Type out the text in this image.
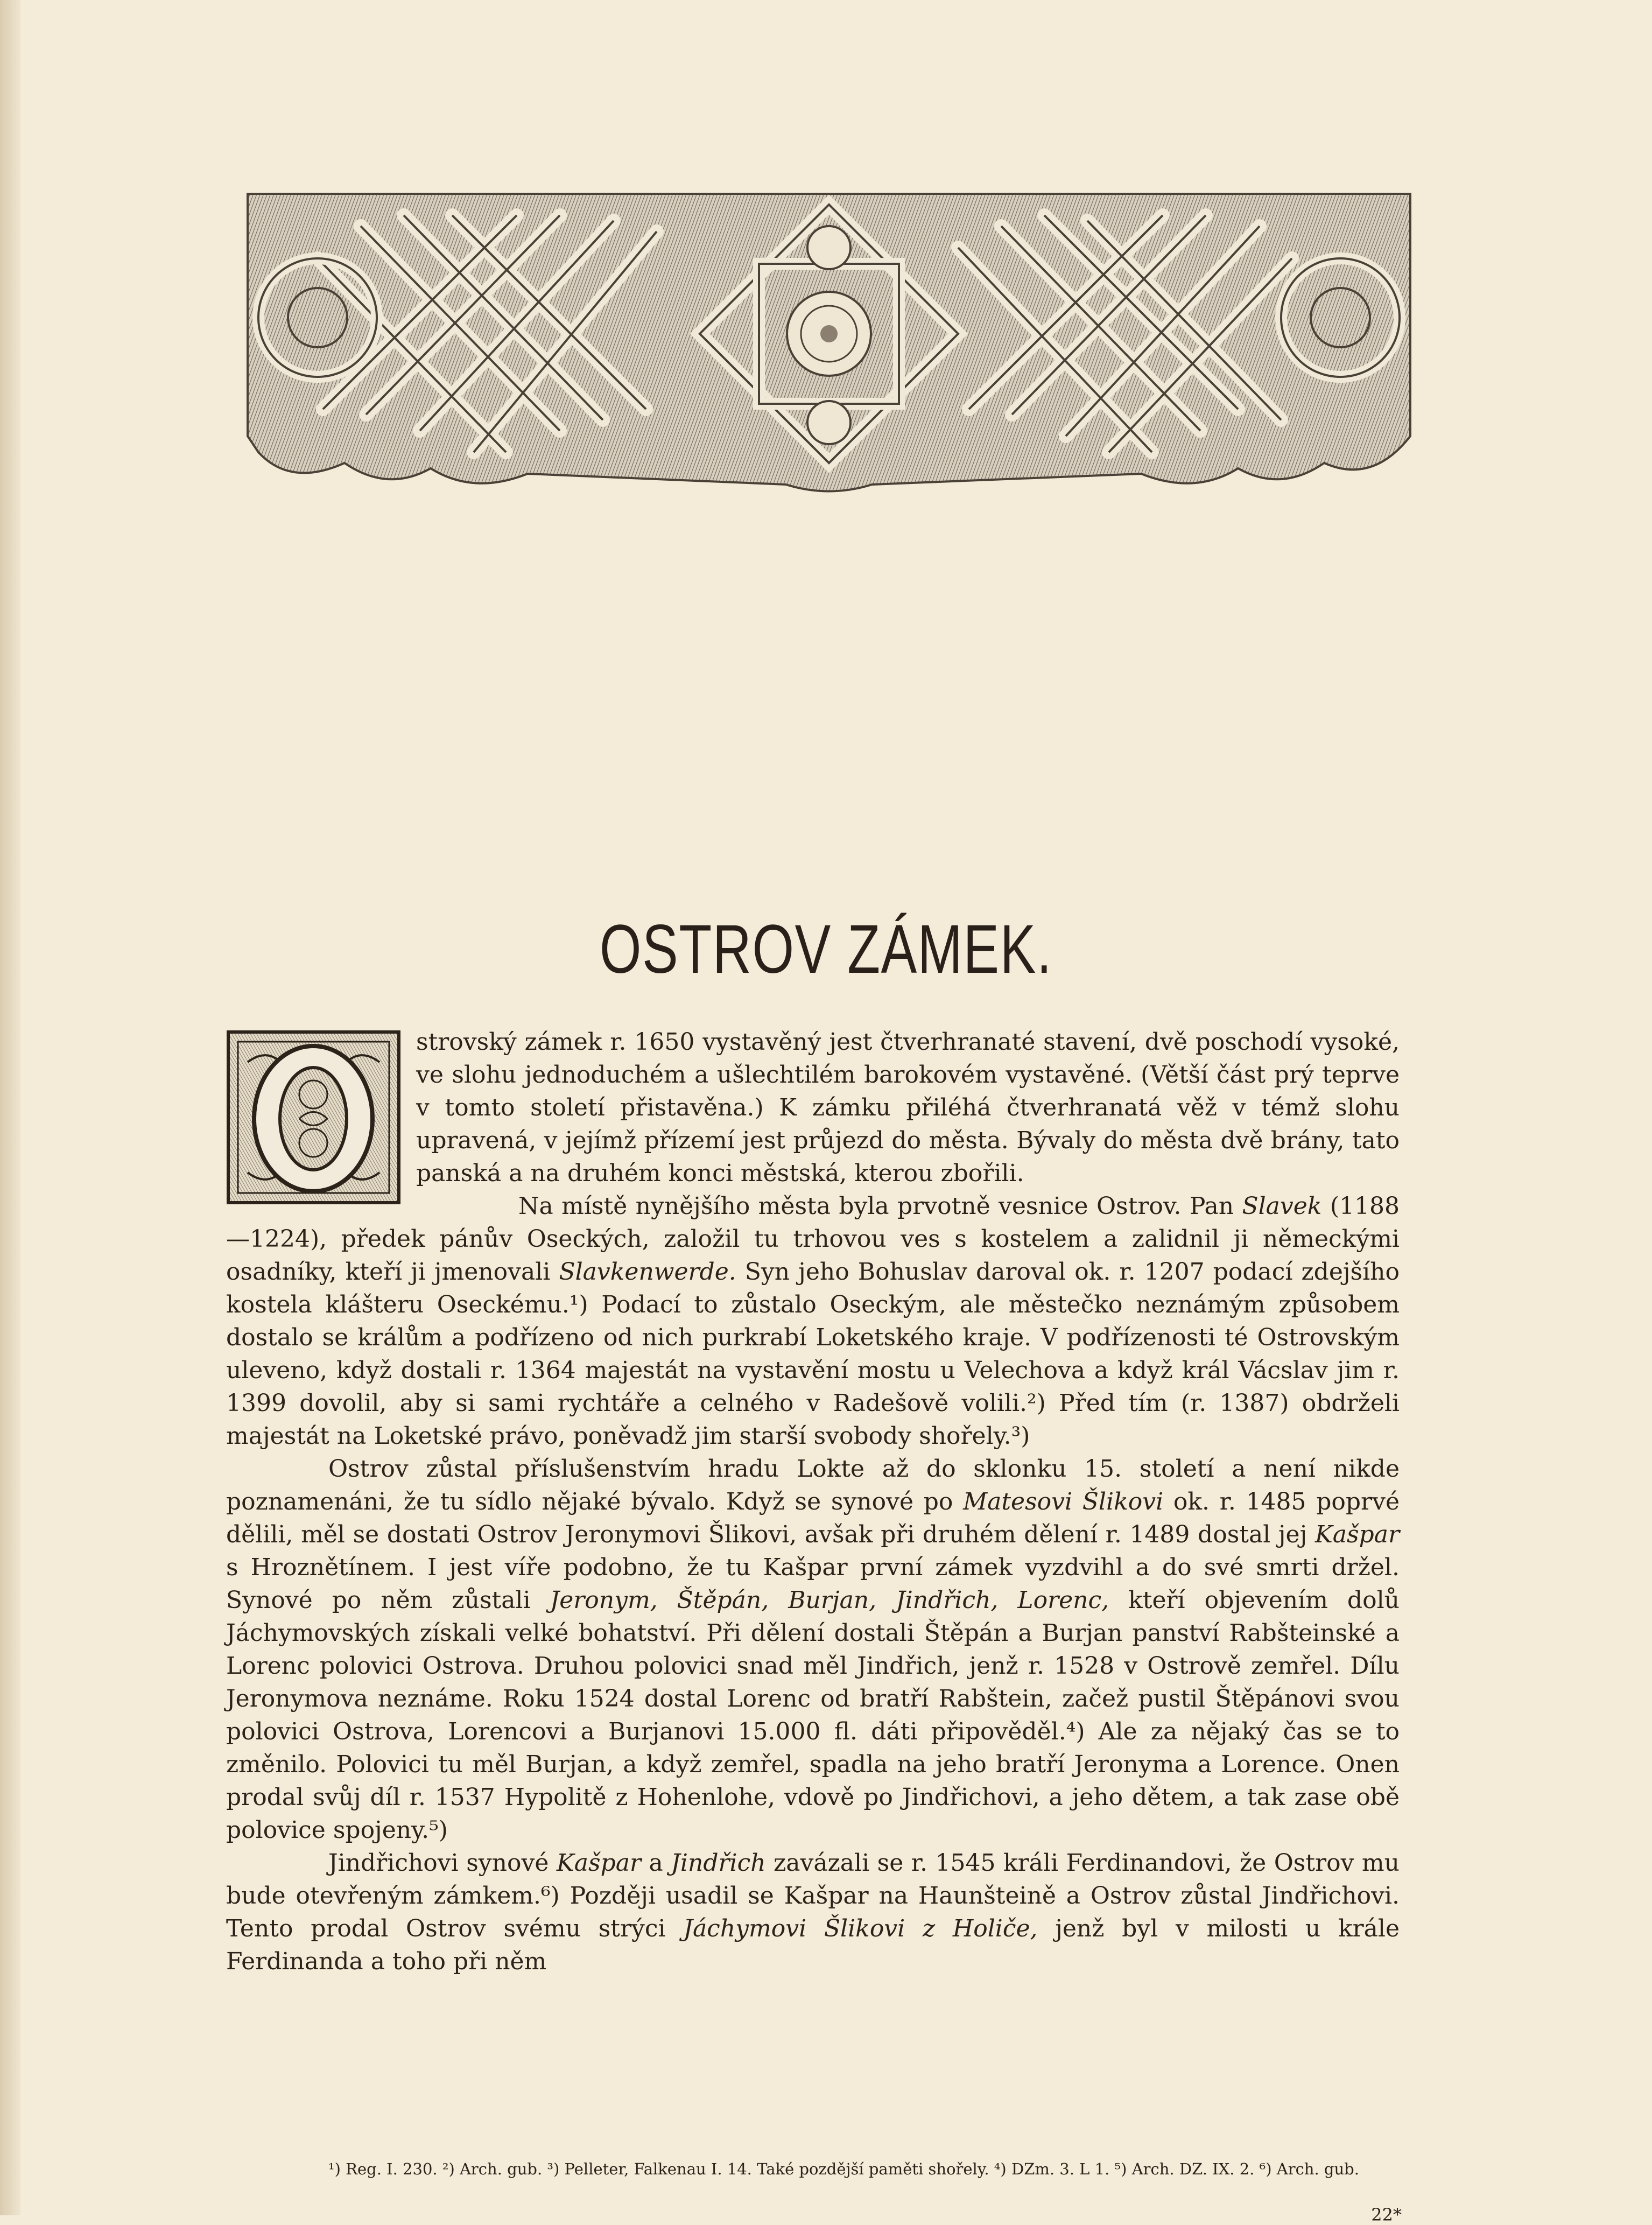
OSTROV ZÁMEK.

strovský zámek r. 1650 vystavěný jest čtverhranaté stavení, dvě poschodí vysoké, ve slohu jednoduchém a ušlechtilém barokovém vystavěné. (Větší část prý teprve v tomto století přistavěna.) K zámku přiléhá čtverhranatá věž v témž slohu upravená, v jejímž přízemí jest průjezd do města. Bývaly do města dvě brány, tato panská a na druhém konci městská, kterou zbořili.

Na místě nynějšího města byla prvotně vesnice Ostrov. Pan Slavek (1188—1224), předek pánův Oseckých, založil tu trhovou ves s kostelem a zalidnil ji německými osadníky, kteří ji jmenovali Slavkenwerde. Syn jeho Bohuslav daroval ok. r. 1207 podací zdejšího kostela klášteru Oseckému.¹) Podací to zůstalo Oseckým, ale městečko neznámým způsobem dostalo se králům a podřízeno od nich purkrabí Loketského kraje. V podřízenosti té Ostrovským uleveno, když dostali r. 1364 majestát na vystavění mostu u Velechova a když král Vácslav jim r. 1399 dovolil, aby si sami rychtáře a celného v Radešově volili.²) Před tím (r. 1387) obdrželi majestát na Loketské právo, poněvadž jim starší svobody shořely.³)

Ostrov zůstal příslušenstvím hradu Lokte až do sklonku 15. století a není nikde poznamenáni, že tu sídlo nějaké bývalo. Když se synové po Matesovi Šlikovi ok. r. 1485 poprvé dělili, měl se dostati Ostrov Jeronymovi Šlikovi, avšak při druhém dělení r. 1489 dostal jej Kašpar s Hroznětínem. I jest víře podobno, že tu Kašpar první zámek vyzdvihl a do své smrti držel. Synové po něm zůstali Jeronym, Štěpán, Burjan, Jindřich, Lorenc, kteří objevením dolů Jáchymovských získali velké bohatství. Při dělení dostali Štěpán a Burjan panství Rabšteinské a Lorenc polovici Ostrova. Druhou polovici snad měl Jindřich, jenž r. 1528 v Ostrově zemřel. Dílu Jeronymova neznáme. Roku 1524 dostal Lorenc od bratří Rabštein, začež pustil Štěpánovi svou polovici Ostrova, Lorencovi a Burjanovi 15.000 fl. dáti připověděl.⁴) Ale za nějaký čas se to změnilo. Polovici tu měl Burjan, a když zemřel, spadla na jeho bratří Jeronyma a Lorence. Onen prodal svůj díl r. 1537 Hypolitě z Hohenlohe, vdově po Jindřichovi, a jeho dětem, a tak zase obě polovice spojeny.⁵)

Jindřichovi synové Kašpar a Jindřich zavázali se r. 1545 králi Ferdinandovi, že Ostrov mu bude otevřeným zámkem.⁶) Později usadil se Kašpar na Haunšteině a Ostrov zůstal Jindřichovi. Tento prodal Ostrov svému strýci Jáchymovi Šlikovi z Holiče, jenž byl v milosti u krále Ferdinanda a toho při něm

¹) Reg. I. 230. ²) Arch. gub. ³) Pelleter, Falkenau I. 14. Také pozdější paměti shořely. ⁴) DZm. 3. L 1. ⁵) Arch. DZ. IX. 2. ⁶) Arch. gub.
22*
